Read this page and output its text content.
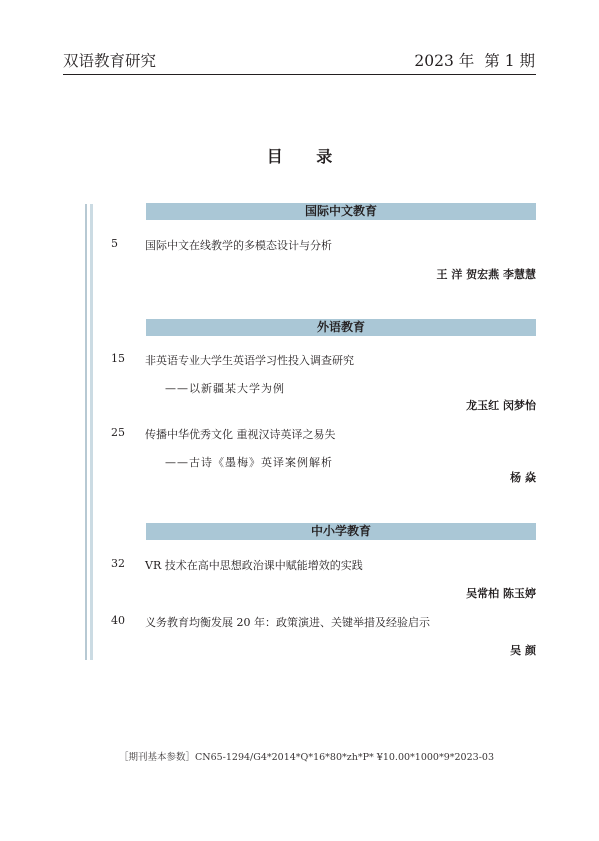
双语教育研究	2023 年 第 1 期
目 录
国际中文教育
5 国际中文在线教学的多模态设计与分析
王 洋 贺宏燕 李慧慧
外语教育
15 非英语专业大学生英语学习性投入调查研究
——以新疆某大学为例
龙玉红 闵梦怡
25 传播中华优秀文化 重视汉诗英译之易失
——古诗《墨梅》英译案例解析
杨 焱
中小学教育
32 VR 技术在高中思想政治课中赋能增效的实践
吴常柏 陈玉婷
40 义务教育均衡发展 20 年：政策演进、关键举措及经验启示
吴 颜
［期刊基本参数］CN65-1294/G4*2014*Q*16*80*zh*P* ¥10.00*1000*9*2023-03
